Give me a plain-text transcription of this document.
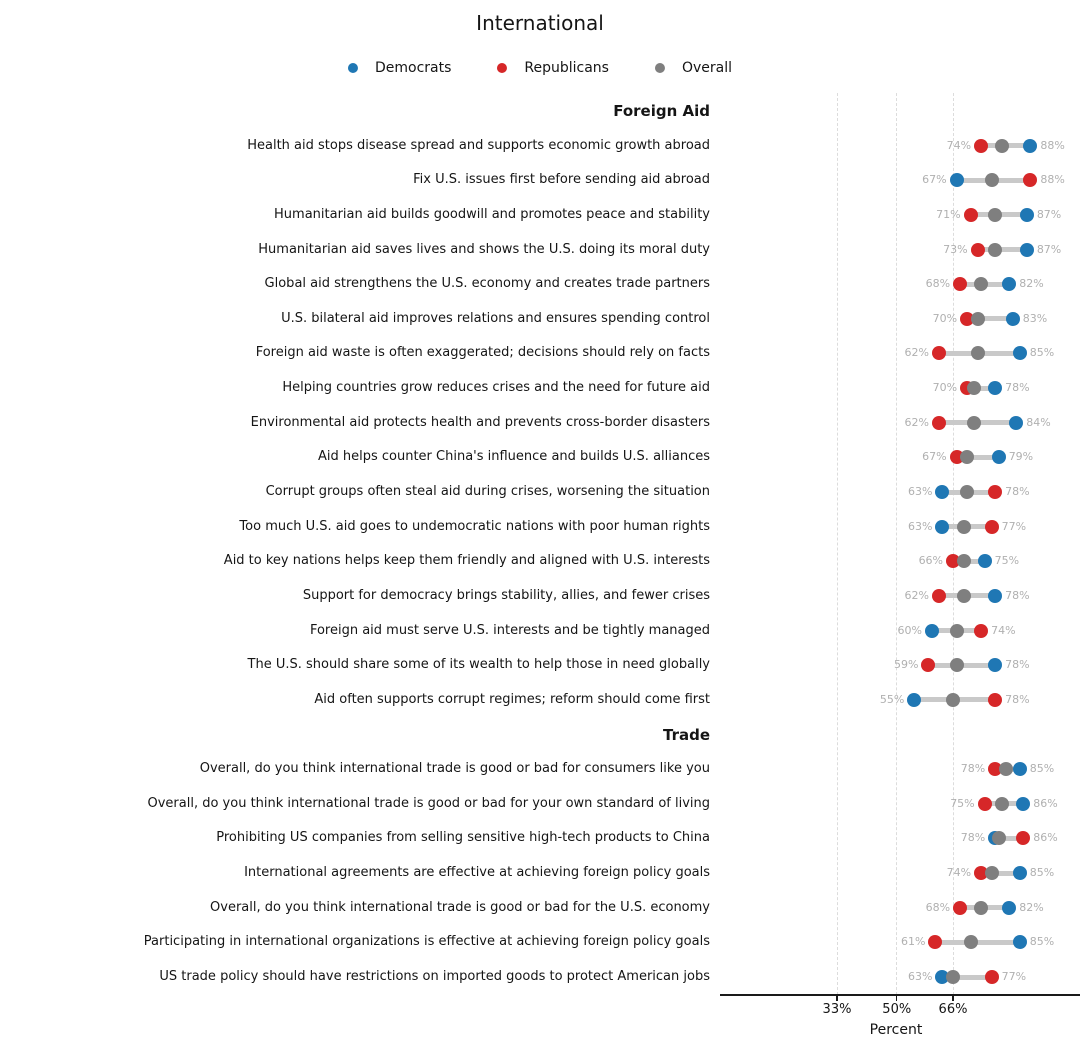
International
Democrats	Republicans	Overall
Foreign Aid
Health aid stops disease spread and supports economic growth abroad	74%	88%
Fix U.S. issues first before sending aid abroad	67%	88%
Humanitarian aid builds goodwill and promotes peace and stability	71%	87%
Humanitarian aid saves lives and shows the U.S. doing its moral duty	73%	87%
Global aid strengthens the U.S. economy and creates trade partners	68%	82%
U.S. bilateral aid improves relations and ensures spending control	70%	83%
Foreign aid waste is often exaggerated; decisions should rely on facts	62%	85%
Helping countries grow reduces crises and the need for future aid	70%	78%
Environmental aid protects health and prevents cross-border disasters	62%	84%
Aid helps counter China's influence and builds U.S. alliances	67%	79%
Corrupt groups often steal aid during crises, worsening the situation	63%	78%
Too much U.S. aid goes to undemocratic nations with poor human rights	63%	77%
Aid to key nations helps keep them friendly and aligned with U.S. interests	66%	75%
Support for democracy brings stability, allies, and fewer crises	62%	78%
Foreign aid must serve U.S. interests and be tightly managed	60%	74%
The U.S. should share some of its wealth to help those in need globally	59%	78%
Aid often supports corrupt regimes; reform should come first	55%	78%
Trade
Overall, do you think international trade is good or bad for consumers like you	78%	85%
Overall, do you think international trade is good or bad for your own standard of living	75%	86%
Prohibiting US companies from selling sensitive high-tech products to China	78%	86%
International agreements are effective at achieving foreign policy goals	74%	85%
Overall, do you think international trade is good or bad for the U.S. economy	68%	82%
Participating in international organizations is effective at achieving foreign policy goals	61%	85%
US trade policy should have restrictions on imported goods to protect American jobs	63%	77%
33% 50% 66%
Percent
